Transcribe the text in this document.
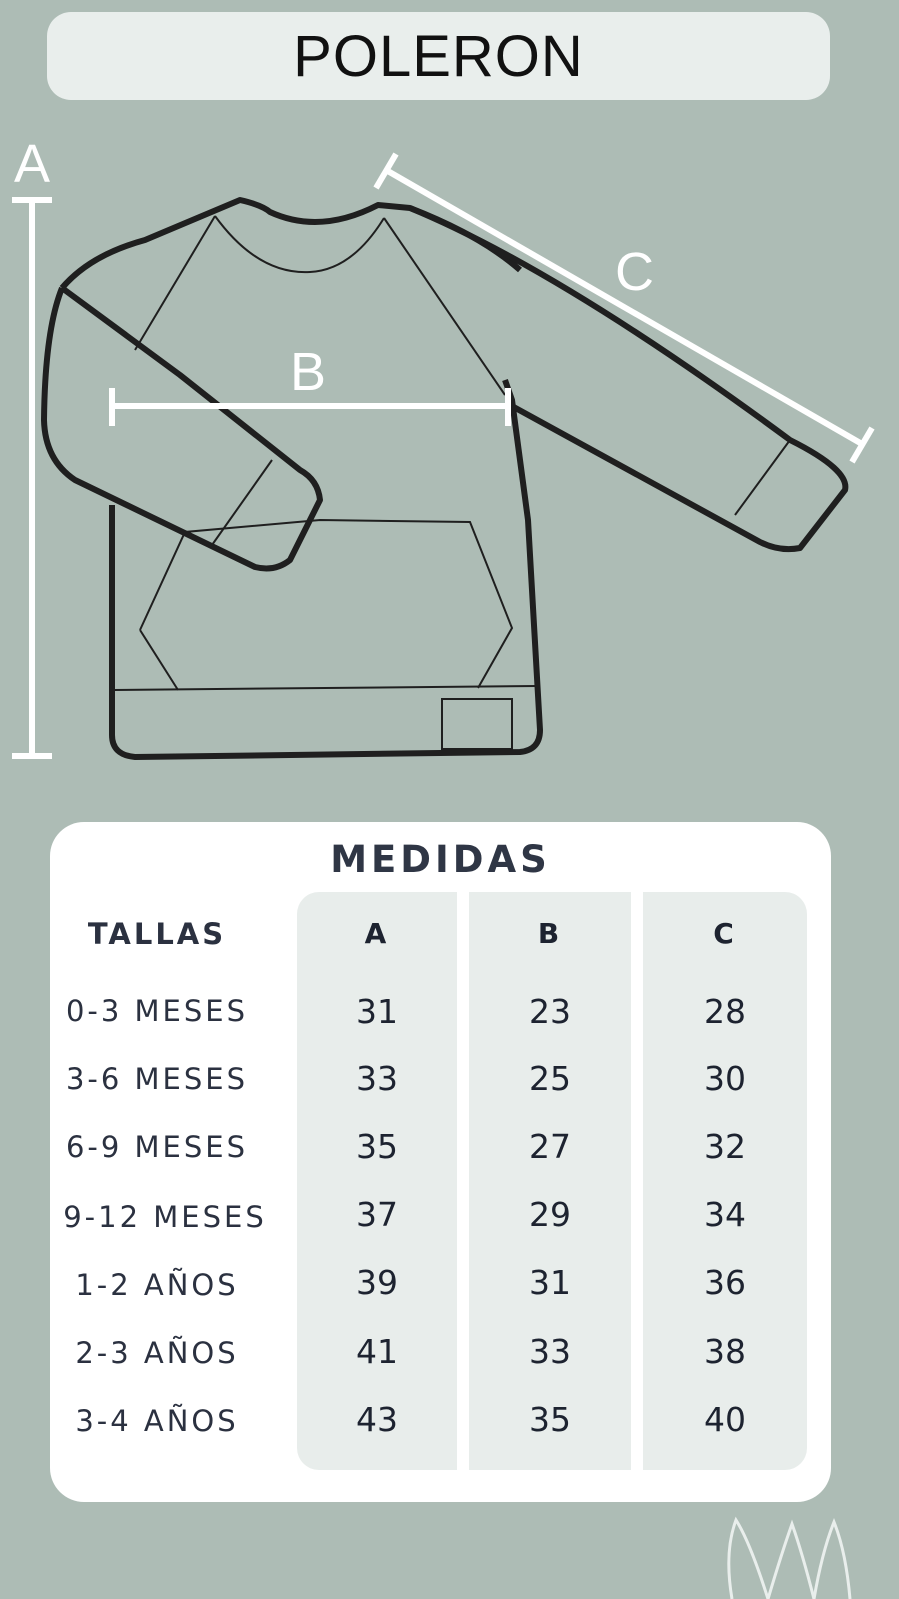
POLERON
A
B
C
MEDIDAS
TALLAS	A	B	C
0-3 MESES	31	23	28
3-6 MESES	33	25	30
6-9 MESES	35	27	32
9-12 MESES	37	29	34
1-2 AÑOS	39	31	36
2-3 AÑOS	41	33	38
3-4 AÑOS	43	35	40
